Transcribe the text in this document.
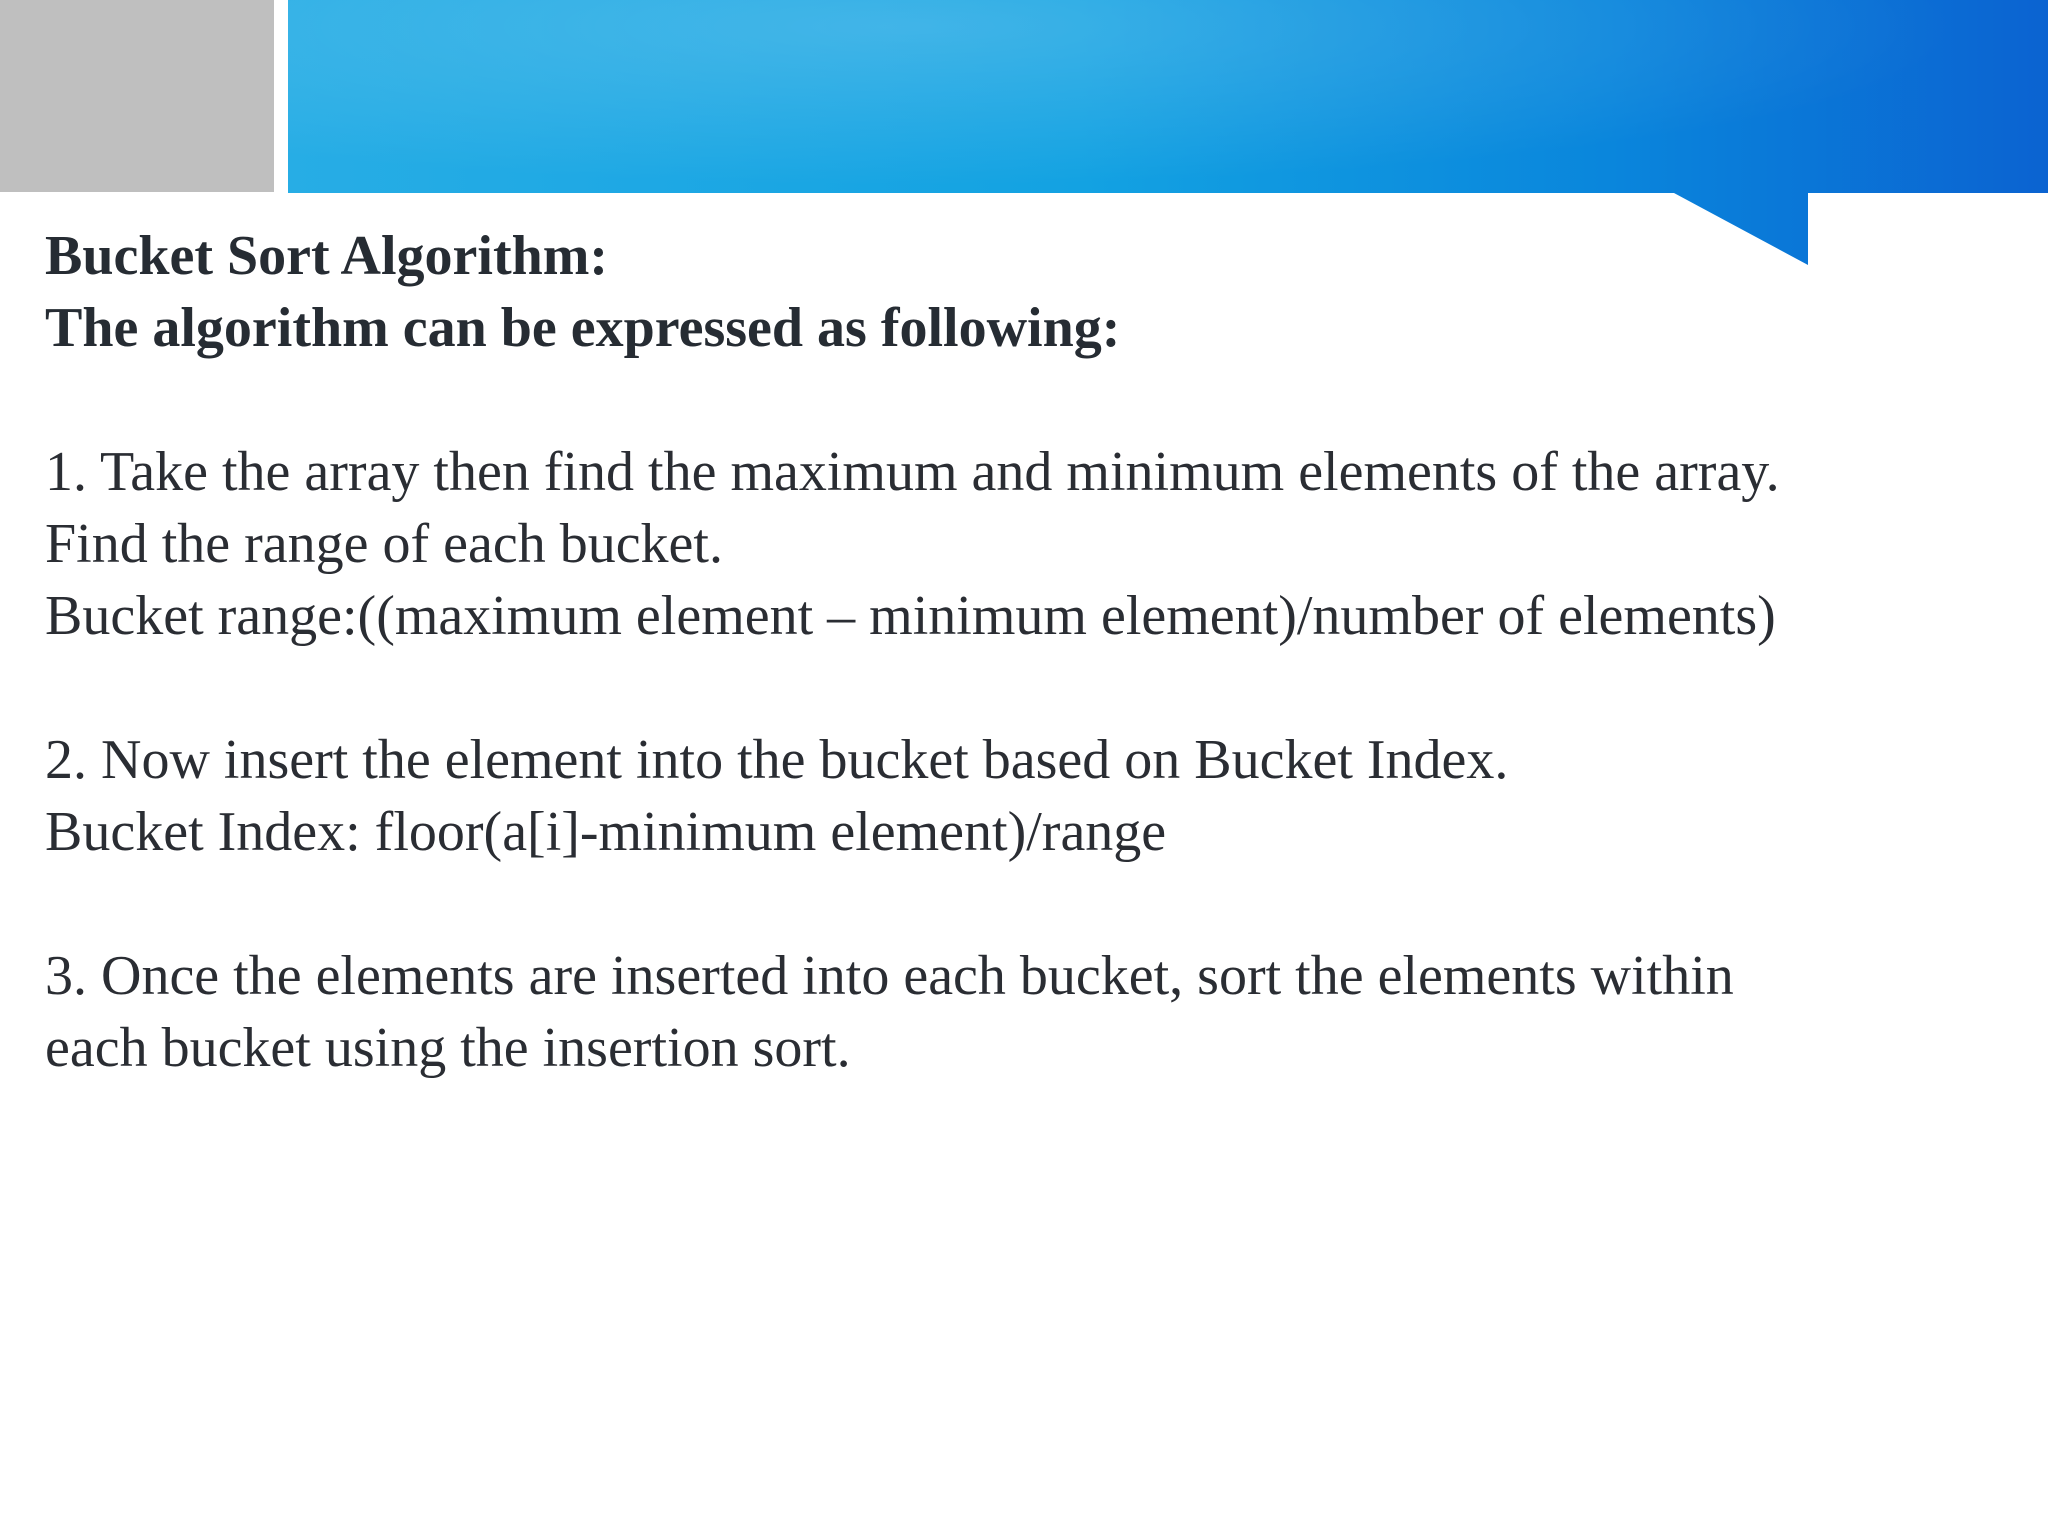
Bucket Sort Algorithm:

The algorithm can be expressed as following:

1. Take the array then find the maximum and minimum elements of the array.

Find the range of each bucket.

Bucket range:((maximum element – minimum element)/number of elements)

2. Now insert the element into the bucket based on Bucket Index.

Bucket Index: floor(a[i]-minimum element)/range

3. Once the elements are inserted into each bucket, sort the elements within

each bucket using the insertion sort.
